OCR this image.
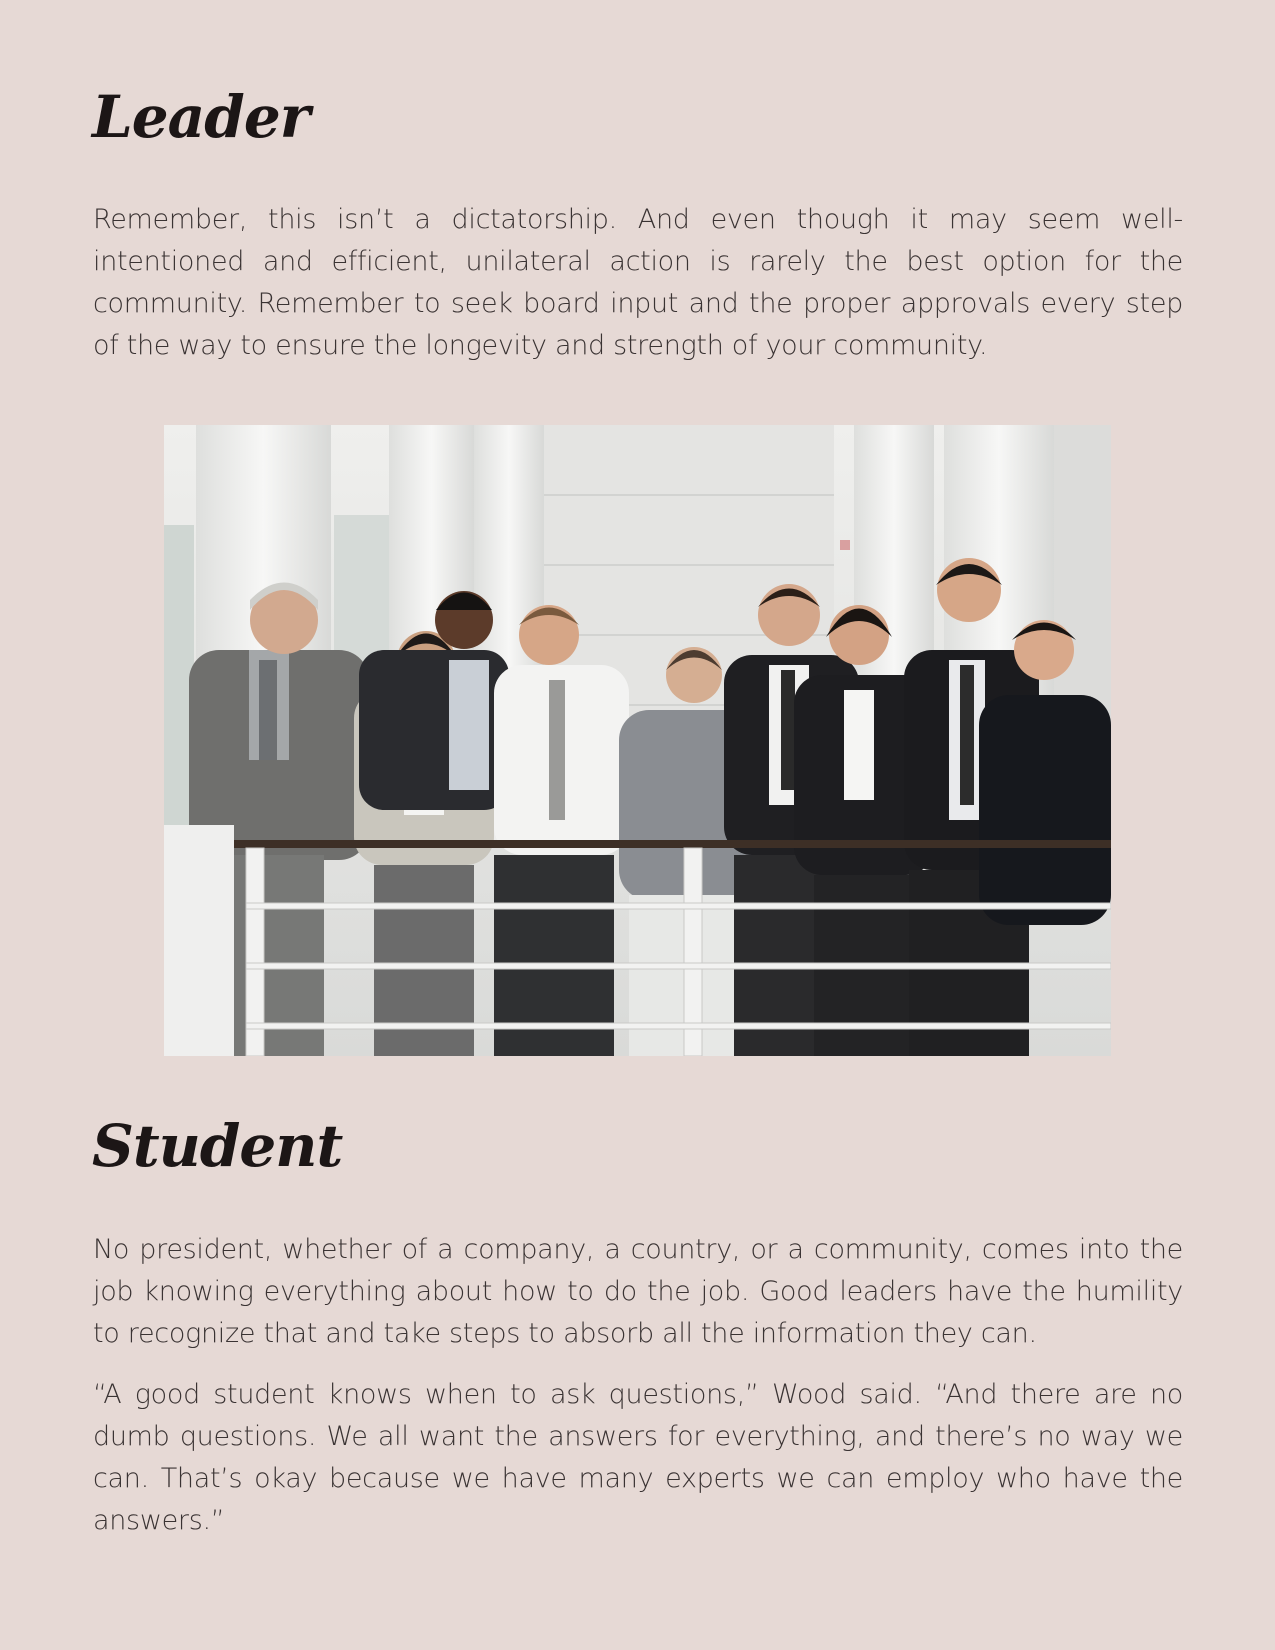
Leader

Remember, this isn’t a dictatorship. And even though it may seem well-intentioned and efficient, unilateral action is rarely the best option for the community. Remember to seek board input and the proper approvals every step of the way to ensure the longevity and strength of your community.

Student

No president, whether of a company, a country, or a community, comes into the job knowing everything about how to do the job. Good leaders have the humility to recognize that and take steps to absorb all the information they can.

“A good student knows when to ask questions,” Wood said. “And there are no dumb questions. We all want the answers for everything, and there’s no way we can. That’s okay because we have many experts we can employ who have the answers.”
